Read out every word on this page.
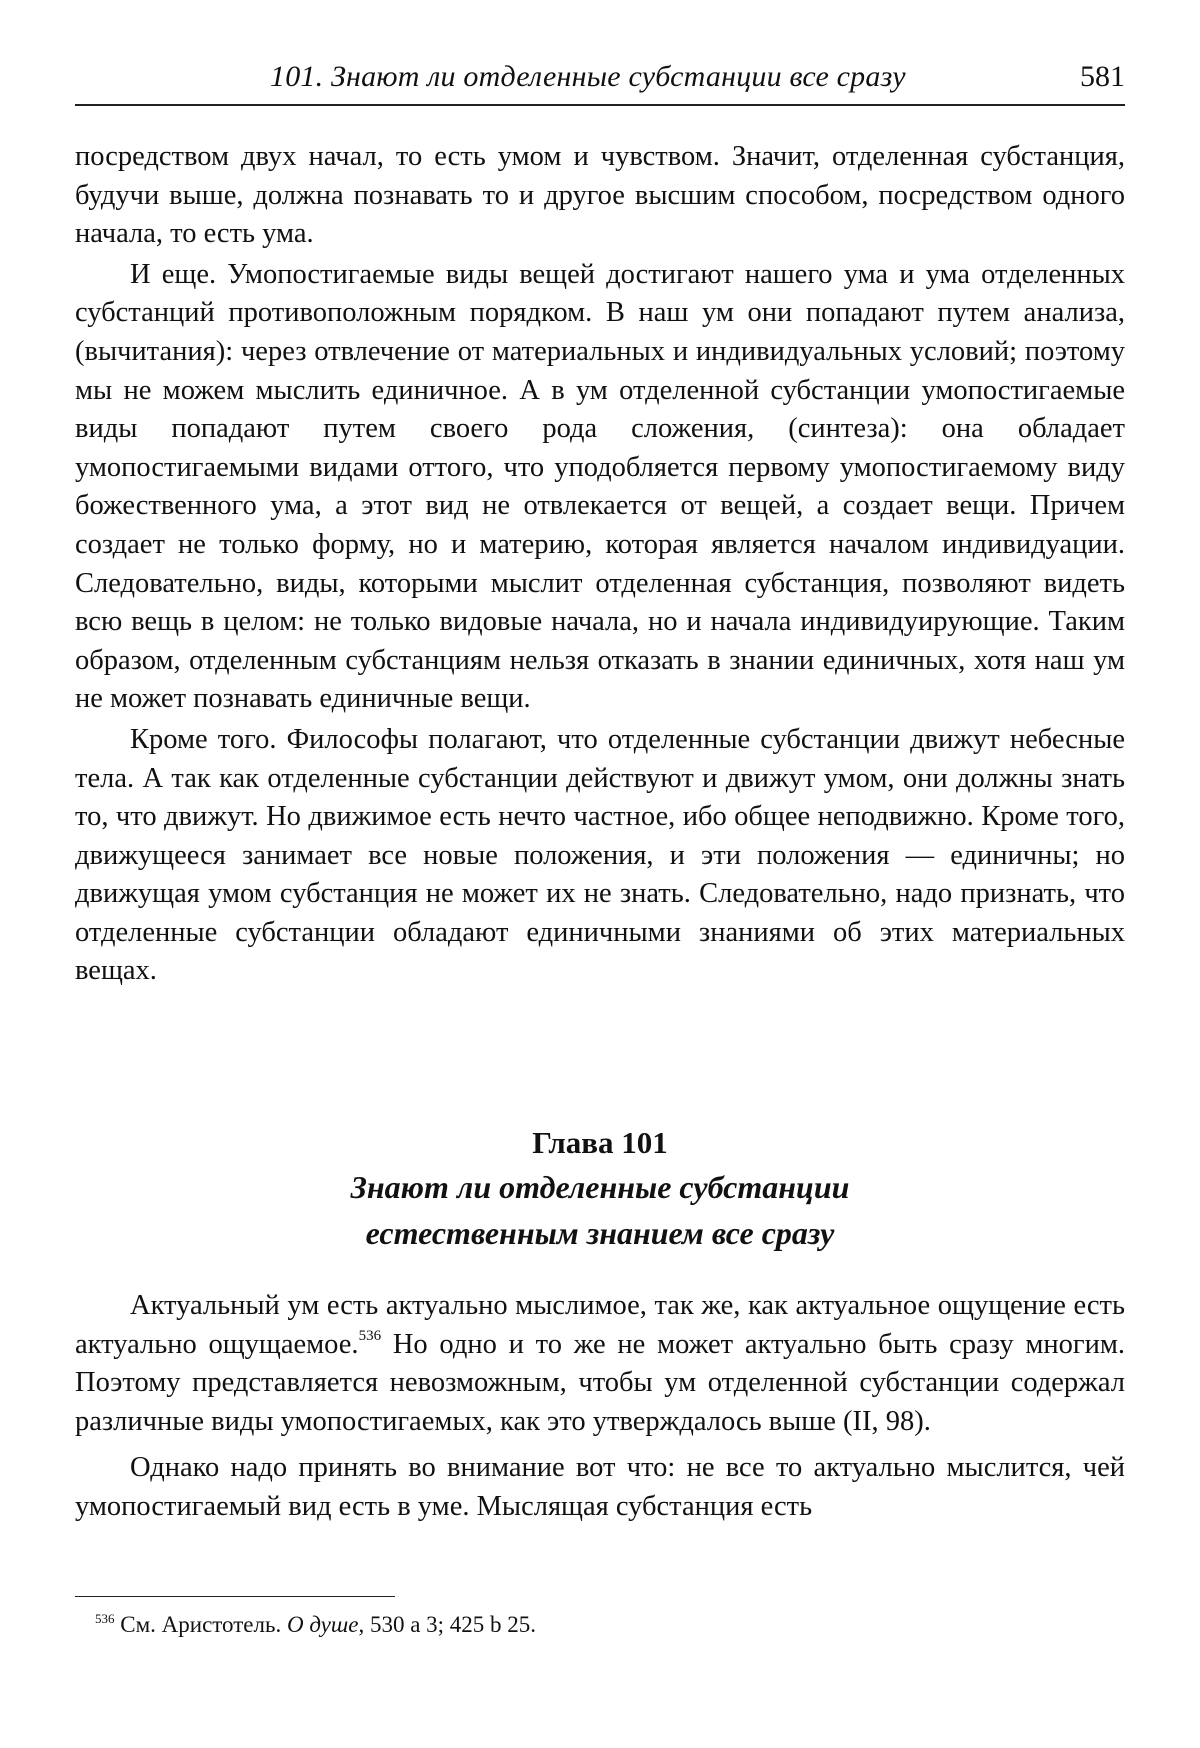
101. Знают ли отделенные субстанции все сразу	581

посредством двух начал, то есть умом и чувством. Значит, отделенная субстанция, будучи выше, должна познавать то и другое высшим способом, посредством одного начала, то есть ума.

И еще. Умопостигаемые виды вещей достигают нашего ума и ума отделенных субстанций противоположным порядком. В наш ум они попадают путем анализа, (вычитания): через отвлечение от материальных и индивидуальных условий; поэтому мы не можем мыслить единичное. А в ум отделенной субстанции умопостигаемые виды попадают путем своего рода сложения, (синтеза): она обладает умопостигаемыми видами оттого, что уподобляется первому умопостигаемому виду божественного ума, а этот вид не отвлекается от вещей, а создает вещи. Причем создает не только форму, но и материю, которая является началом индивидуации. Следовательно, виды, которыми мыслит отделенная субстанция, позволяют видеть всю вещь в целом: не только видовые начала, но и начала индивидуирующие. Таким образом, отделенным субстанциям нельзя отказать в знании единичных, хотя наш ум не может познавать единичные вещи.

Кроме того. Философы полагают, что отделенные субстанции движут небесные тела. А так как отделенные субстанции действуют и движут умом, они должны знать то, что движут. Но движимое есть нечто частное, ибо общее неподвижно. Кроме того, движущееся занимает все новые положения, и эти положения — единичны; но движущая умом субстанция не может их не знать. Следовательно, надо признать, что отделенные субстанции обладают единичными знаниями об этих материальных вещах.

Глава 101

Знают ли отделенные субстанции

естественным знанием все сразу

Актуальный ум есть актуально мыслимое, так же, как актуальное ощущение есть актуально ощущаемое.$^{536}$ Но одно и то же не может актуально быть сразу многим. Поэтому представляется невозможным, чтобы ум отделенной субстанции содержал различные виды умопостигаемых, как это утверждалось выше (II, 98).

Однако надо принять во внимание вот что: не все то актуально мыслится, чей умопостигаемый вид есть в уме. Мыслящая субстанция есть

$^{536}$ См. Аристотель. О душе, 530 а 3; 425 b 25.
